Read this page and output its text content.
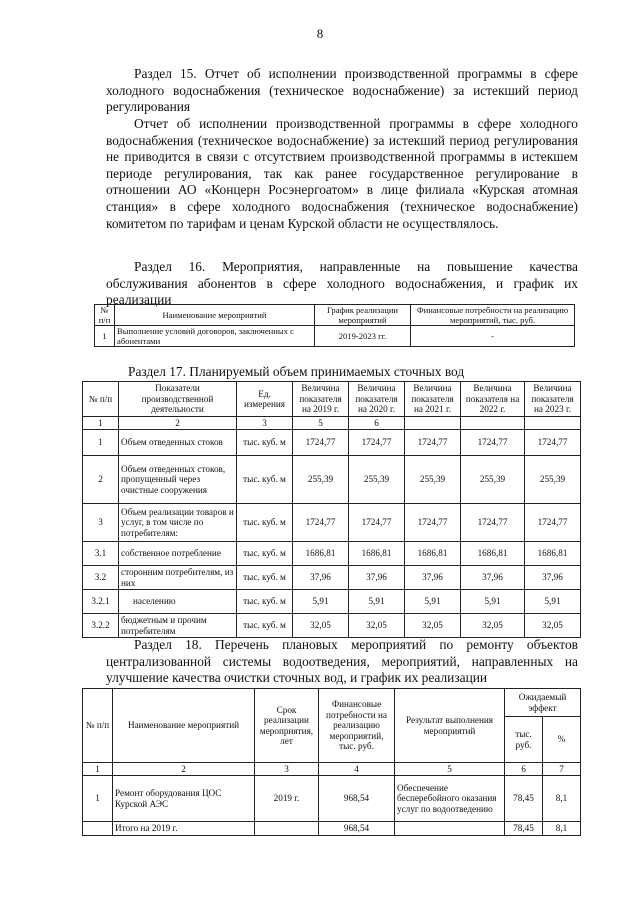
8
Раздел 15. Отчет об исполнении производственной программы в сфере холодного водоснабжения (техническое водоснабжение) за истекший период регулирования
Отчет об исполнении производственной программы в сфере холодного водоснабжения (техническое водоснабжение) за истекший период регулирования не приводится в связи с отсутствием производственной программы в истекшем периоде регулирования, так как ранее государственное регулирование в отношении АО «Концерн Росэнергоатом» в лице филиала «Курская атомная станция» в сфере холодного водоснабжения (техническое водоснабжение) комитетом по тарифам и ценам Курской области не осуществлялось.
Раздел 16. Мероприятия, направленные на повышение качества обслуживания абонентов в сфере холодного водоснабжения, и график их реализации
№ п/п	Наименование мероприятий	График реализации мероприятий	Финансовые потребности на реализацию мероприятий, тыс. руб.
1	Выполнение условий договоров, заключенных с абонентами	2019-2023 гг.	-
Раздел 17. Планируемый объем принимаемых сточных вод
№ п/п	Показатели производственной деятельности	Ед. измерения	Величина показателя на 2019 г.	Величина показателя на 2020 г.	Величина показателя на 2021 г.	Величина показателя на 2022 г.	Величина показателя на 2023 г.
1	2	3	5	6			
1	Объем отведенных стоков	тыс. куб. м	1724,77	1724,77	1724,77	1724,77	1724,77
2	Объем отведенных стоков, пропущенный через очистные сооружения	тыс. куб. м	255,39	255,39	255,39	255,39	255,39
3	Объем реализации товаров и услуг, в том числе по потребителям:	тыс. куб. м	1724,77	1724,77	1724,77	1724,77	1724,77
3.1	собственное потребление	тыс. куб. м	1686,81	1686,81	1686,81	1686,81	1686,81
3.2	сторонним потребителям, из них	тыс. куб. м	37,96	37,96	37,96	37,96	37,96
3.2.1	населению	тыс. куб. м	5,91	5,91	5,91	5,91	5,91
3.2.2	бюджетным и прочим потребителям	тыс. куб. м	32,05	32,05	32,05	32,05	32,05
Раздел 18. Перечень плановых мероприятий по ремонту объектов централизованной системы водоотведения, мероприятий, направленных на улучшение качества очистки сточных вод, и график их реализации
№ п/п	Наименование мероприятий	Срок реализации мероприятия, лет	Финансовые потребности на реализацию мероприятий, тыс. руб.	Результат выполнения мероприятий	Ожидаемый эффект	
					тыс. руб.	%
1	2	3	4	5	6	7
1	Ремонт оборудования ЦОС Курской АЭС	2019 г.	968,54	Обеспечение бесперебойного оказания услуг по водоотведению	78,45	8,1
	Итого на 2019 г.		968,54		78,45	8,1
